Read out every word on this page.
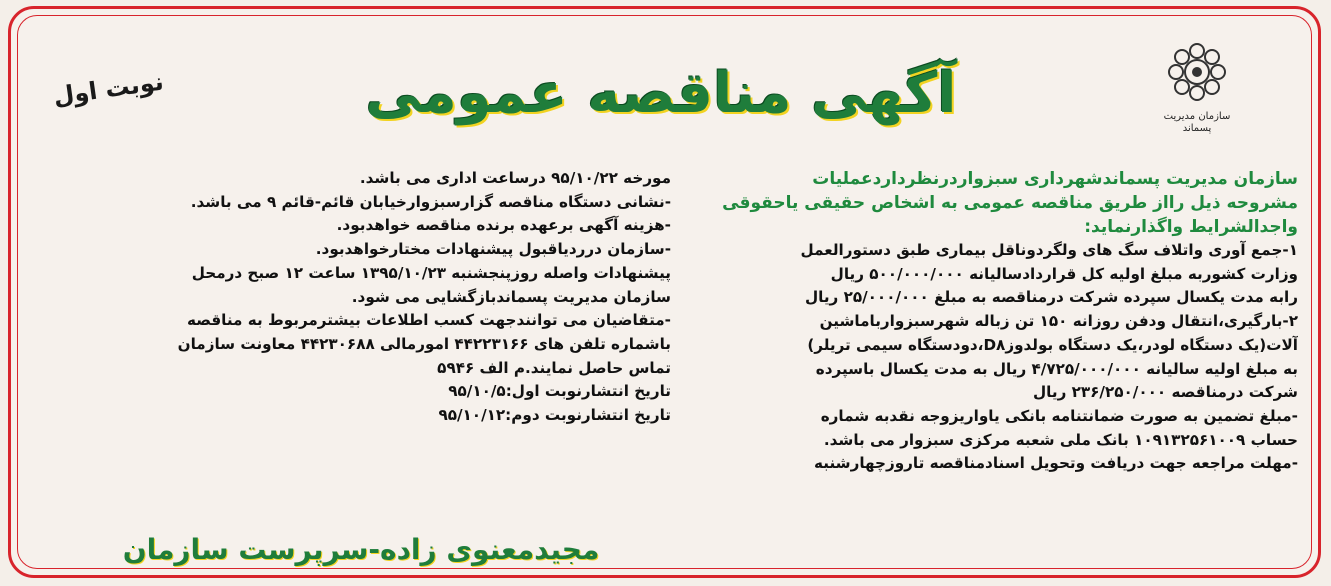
سازمان مدیریت پسماند
آگهی مناقصه عمومی
نوبت اول
سازمان مدیریت پسماندشهرداری سبزواردرنظرداردعملیات
مشروحه ذیل رااز طریق مناقصه عمومی به اشخاص حقیقی یاحقوقی
واجدالشرایط واگذارنماید:
۱-جمع آوری واتلاف سگ های ولگردوناقل بیماری طبق دستورالعمل
وزارت کشوربه مبلغ اولیه کل قراردادسالیانه ۵۰۰/۰۰۰/۰۰۰ ریال
رابه مدت یکسال سپرده شرکت درمناقصه به مبلغ ۲۵/۰۰۰/۰۰۰ ریال
۲-بارگیری،انتقال ودفن روزانه ۱۵۰ تن زباله شهرسبزوارباماشین
آلات(یک دستگاه لودر،یک دستگاه بولدوزD۸،دودستگاه سیمی تریلر)
به مبلغ اولیه سالیانه ۴/۷۲۵/۰۰۰/۰۰۰ ریال به مدت یکسال باسپرده
شرکت درمناقصه ۲۳۶/۲۵۰/۰۰۰ ریال
-مبلغ تضمین به صورت ضمانتنامه بانکی یاواریزوجه نقدبه شماره
حساب ۱۰۹۱۳۲۵۶۱۰۰۹ بانک ملی شعبه مرکزی سبزوار می باشد.
-مهلت مراجعه جهت دریافت وتحویل اسنادمناقصه تاروزچهارشنبه
مورخه ۹۵/۱۰/۲۲ درساعت اداری می باشد.
-نشانی دستگاه مناقصه گزارسبزوارخیابان قائم-قائم ۹ می باشد.
-هزینه آگهی برعهده برنده مناقصه خواهدبود.
-سازمان درردیاقبول پیشنهادات مختارخواهدبود.
پیشنهادات واصله روزپنجشنبه ۱۳۹۵/۱۰/۲۳ ساعت ۱۲ صبح درمحل
سازمان مدیریت پسماندبازگشایی می شود.
-متقاضیان می توانندجهت کسب اطلاعات بیشترمربوط به مناقصه
باشماره تلفن های ۴۴۲۲۳۱۶۶ امورمالی ۴۴۲۳۰۶۸۸ معاونت سازمان
تماس حاصل نمایند.م الف ۵۹۴۶
تاریخ انتشارنوبت اول:۹۵/۱۰/۵
تاریخ انتشارنوبت دوم:۹۵/۱۰/۱۲
مجیدمعنوی زاده-سرپرست سازمان
